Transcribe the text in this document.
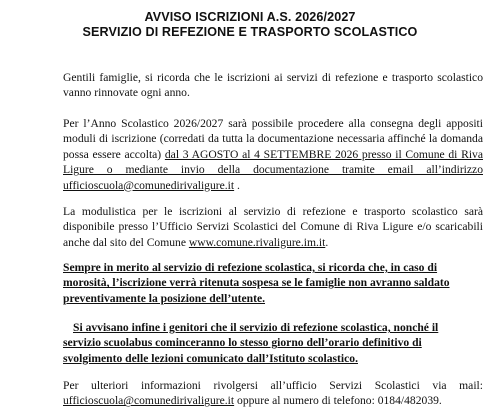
AVVISO ISCRIZIONI A.S. 2026/2027
SERVIZIO DI REFEZIONE E TRASPORTO SCOLASTICO

Gentili famiglie, si ricorda che le iscrizioni ai servizi di refezione e trasporto scolastico vanno rinnovate ogni anno.

Per l’Anno Scolastico 2026/2027 sarà possibile procedere alla consegna degli appositi moduli di iscrizione (corredati da tutta la documentazione necessaria affinché la domanda possa essere accolta) dal 3 AGOSTO al 4 SETTEMBRE 2026 presso il Comune di Riva Ligure o mediante invio della documentazione tramite email all’indirizzo ufficioscuola@comunedirivaligure.it .

La modulistica per le iscrizioni al servizio di refezione e trasporto scolastico sarà disponibile presso l’Ufficio Servizi Scolastici del Comune di Riva Ligure e/o scaricabili anche dal sito del Comune www.comune.rivaligure.im.it.

Sempre in merito al servizio di refezione scolastica, si ricorda che, in caso di
morosità, l’iscrizione verrà ritenuta sospesa se le famiglie non avranno saldato
preventivamente la posizione dell’utente.

Si avvisano infine i genitori che il servizio di refezione scolastica, nonché il
servizio scuolabus cominceranno lo stesso giorno dell’orario definitivo di
svolgimento delle lezioni comunicato dall’Istituto scolastico.

Per ulteriori informazioni rivolgersi all’ufficio Servizi Scolastici via mail: ufficioscuola@comunedirivaligure.it oppure al numero di telefono: 0184/482039.
